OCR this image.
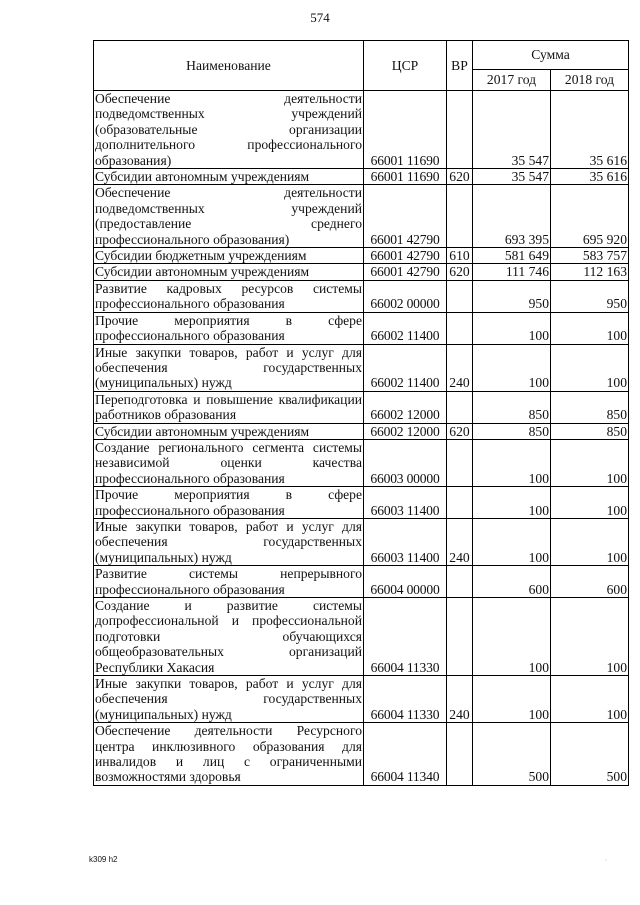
574
Наименование	ЦСР	ВР	Сумма	
			2017 год	2018 год
Обеспечение деятельности подведомственных учреждений (образовательные организации дополнительного профессионального образования)	66001 11690		35 547	35 616
Субсидии автономным учреждениям	66001 11690	620	35 547	35 616
Обеспечение деятельности подведомственных учреждений (предоставление среднего профессионального образования)	66001 42790		693 395	695 920
Субсидии бюджетным учреждениям	66001 42790	610	581 649	583 757
Субсидии автономным учреждениям	66001 42790	620	111 746	112 163
Развитие кадровых ресурсов системы профессионального образования	66002 00000		950	950
Прочие мероприятия в сфере профессионального образования	66002 11400		100	100
Иные закупки товаров, работ и услуг для обеспечения государственных (муниципальных) нужд	66002 11400	240	100	100
Переподготовка и повышение квалификации работников образования	66002 12000		850	850
Субсидии автономным учреждениям	66002 12000	620	850	850
Создание регионального сегмента системы независимой оценки качества профессионального образования	66003 00000		100	100
Прочие мероприятия в сфере профессионального образования	66003 11400		100	100
Иные закупки товаров, работ и услуг для обеспечения государственных (муниципальных) нужд	66003 11400	240	100	100
Развитие системы непрерывного профессионального образования	66004 00000		600	600
Создание и развитие системы допрофессиональной и профессиональной подготовки обучающихся общеобразовательных организаций Республики Хакасия	66004 11330		100	100
Иные закупки товаров, работ и услуг для обеспечения государственных (муниципальных) нужд	66004 11330	240	100	100
Обеспечение деятельности Ресурсного центра инклюзивного образования для инвалидов и лиц с ограниченными возможностями здоровья	66004 11340		500	500
k309 h2	·
